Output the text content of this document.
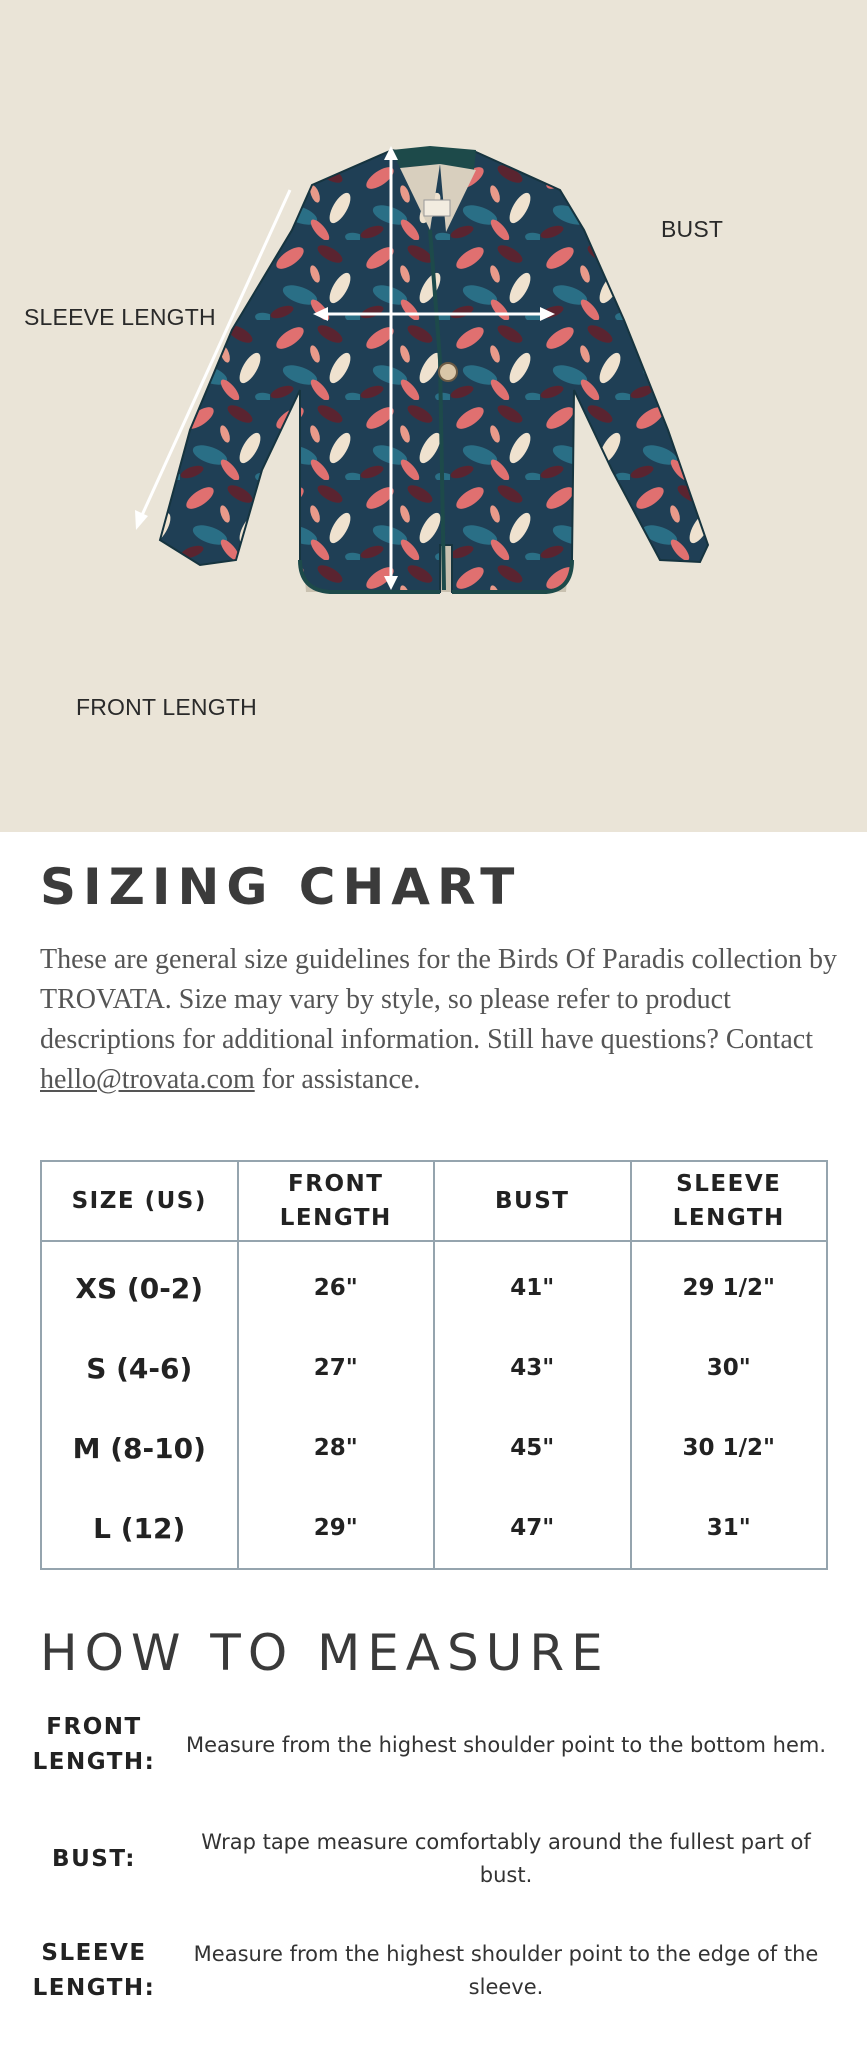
SLEEVE LENGTH
BUST
FRONT LENGTH
SIZING CHART

These are general size guidelines for the Birds Of Paradis collection by TROVATA. Size may vary by style, so please refer to product descriptions for additional information. Still have questions? Contact hello@trovata.com for assistance.

SIZE (US)	FRONT LENGTH	BUST	SLEEVE LENGTH
XS (0-2)	26"	41"	29 1/2"
S (4-6)	27"	43"	30"
M (8-10)	28"	45"	30 1/2"
L (12)	29"	47"	31"
HOW TO MEASURE
FRONT LENGTH:
Measure from the highest shoulder point to the bottom hem.
BUST:
Wrap tape measure comfortably around the fullest part of bust.
SLEEVE LENGTH:
Measure from the highest shoulder point to the edge of the sleeve.
